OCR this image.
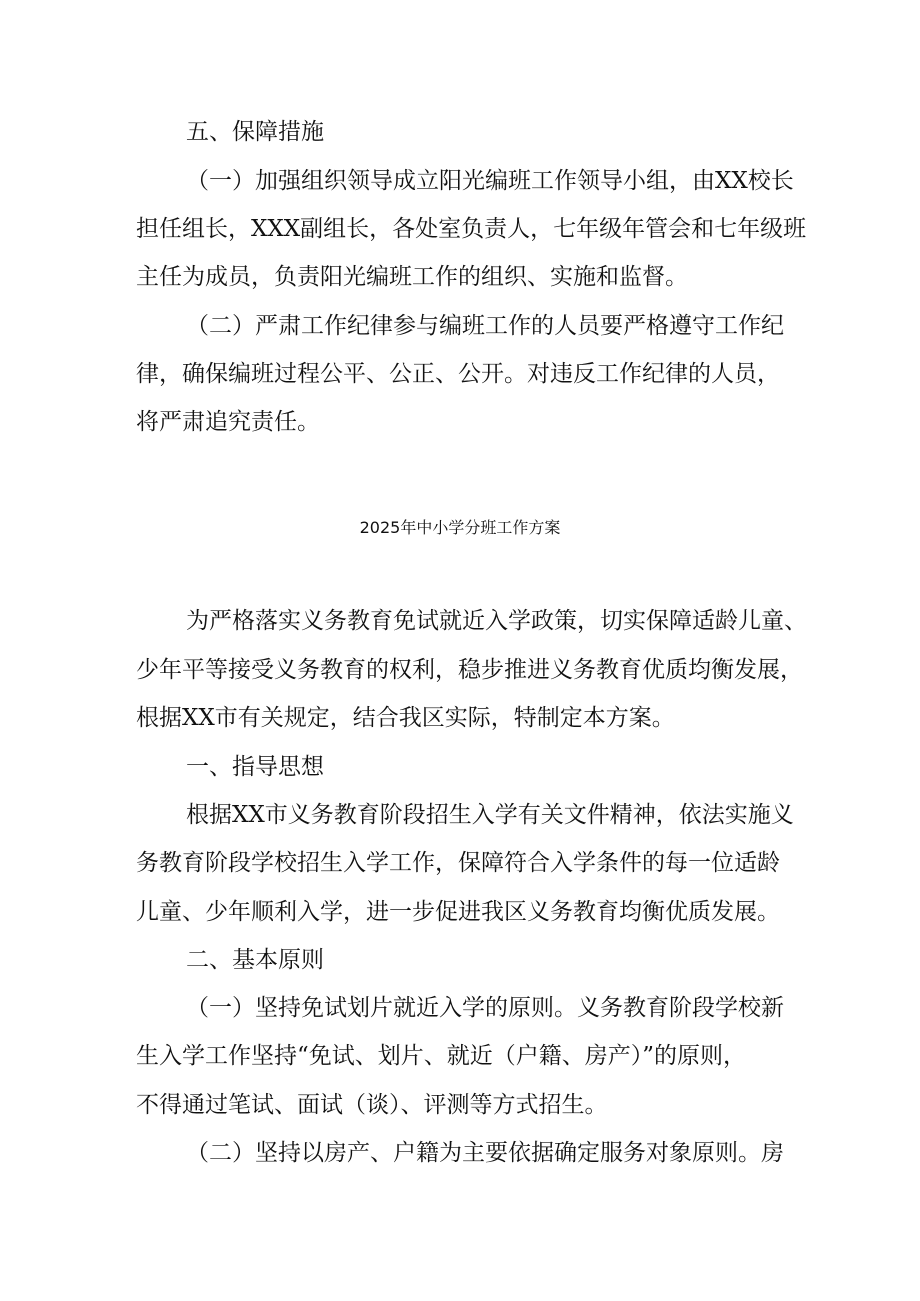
五、保障措施

（一）加强组织领导成立阳光编班工作领导小组，由XX校长

担任组长，XXX副组长，各处室负责人，七年级年管会和七年级班

主任为成员，负责阳光编班工作的组织、实施和监督。

（二）严肃工作纪律参与编班工作的人员要严格遵守工作纪

律，确保编班过程公平、公正、公开。对违反工作纪律的人员，

将严肃追究责任。

2025年中小学分班工作方案

为严格落实义务教育免试就近入学政策，切实保障适龄儿童、

少年平等接受义务教育的权利，稳步推进义务教育优质均衡发展，

根据XX市有关规定，结合我区实际，特制定本方案。

一、指导思想

根据XX市义务教育阶段招生入学有关文件精神，依法实施义

务教育阶段学校招生入学工作，保障符合入学条件的每一位适龄

儿童、少年顺利入学，进一步促进我区义务教育均衡优质发展。

二、基本原则

（一）坚持免试划片就近入学的原则。义务教育阶段学校新

生入学工作坚持“免试、划片、就近（户籍、房产）”的原则，

不得通过笔试、面试（谈）、评测等方式招生。

（二）坚持以房产、户籍为主要依据确定服务对象原则。房
